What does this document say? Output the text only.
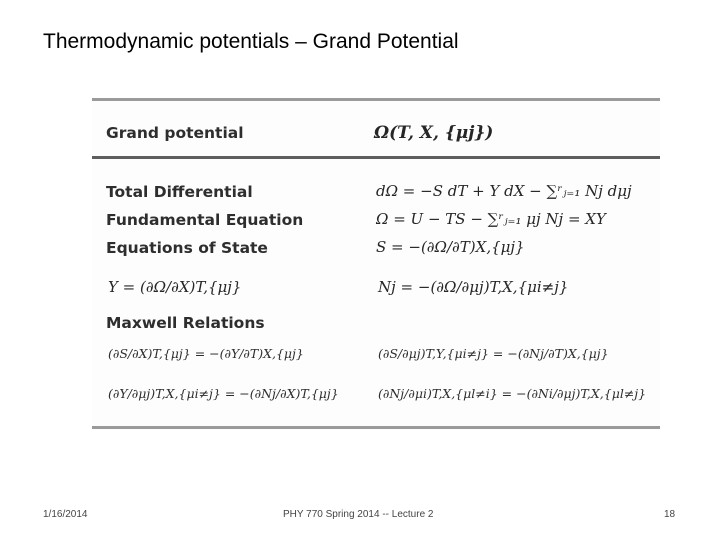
Thermodynamic potentials – Grand Potential
Grand potential	Ω(T, X, {μj})
Total Differential	dΩ = −S dT + Y dX − ∑ʳⱼ₌₁ Nj dμj
Fundamental Equation	Ω = U − TS − ∑ʳⱼ₌₁ μj Nj = XY
Equations of State	S = −(∂Ω/∂T)X,{μj}
Y = (∂Ω/∂X)T,{μj}	Nj = −(∂Ω/∂μj)T,X,{μi≠j}
Maxwell Relations
(∂S/∂X)T,{μj} = −(∂Y/∂T)X,{μj}	(∂S/∂μj)T,Y,{μi≠j} = −(∂Nj/∂T)X,{μj}
(∂Y/∂μj)T,X,{μi≠j} = −(∂Nj/∂X)T,{μj}	(∂Nj/∂μi)T,X,{μl≠i} = −(∂Ni/∂μj)T,X,{μl≠j}
1/16/2014	PHY 770 Spring 2014 -- Lecture 2	18
